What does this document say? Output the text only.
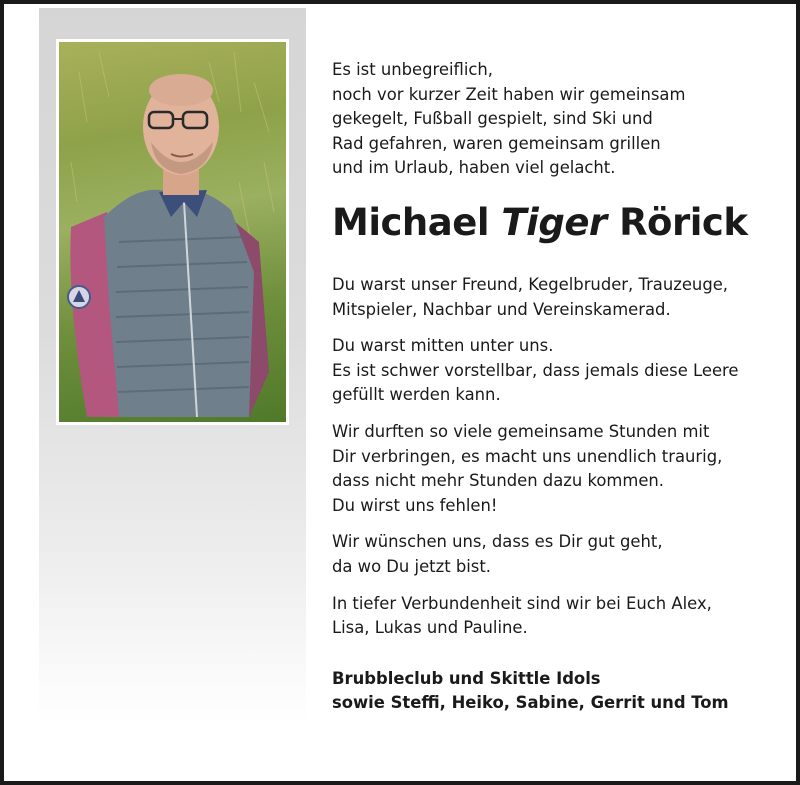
Es ist unbegreiflich,
noch vor kurzer Zeit haben wir gemeinsam
gekegelt, Fußball gespielt, sind Ski und
Rad gefahren, waren gemeinsam grillen
und im Urlaub, haben viel gelacht.
Michael Tiger Rörick
Du warst unser Freund, Kegelbruder, Trauzeuge,
Mitspieler, Nachbar und Vereinskamerad.
Du warst mitten unter uns.
Es ist schwer vorstellbar, dass jemals diese Leere
gefüllt werden kann.
Wir durften so viele gemeinsame Stunden mit
Dir verbringen, es macht uns unendlich traurig,
dass nicht mehr Stunden dazu kommen.
Du wirst uns fehlen!
Wir wünschen uns, dass es Dir gut geht,
da wo Du jetzt bist.
In tiefer Verbundenheit sind wir bei Euch Alex,
Lisa, Lukas und Pauline.
Brubbleclub und Skittle Idols
sowie Steffi, Heiko, Sabine, Gerrit und Tom
